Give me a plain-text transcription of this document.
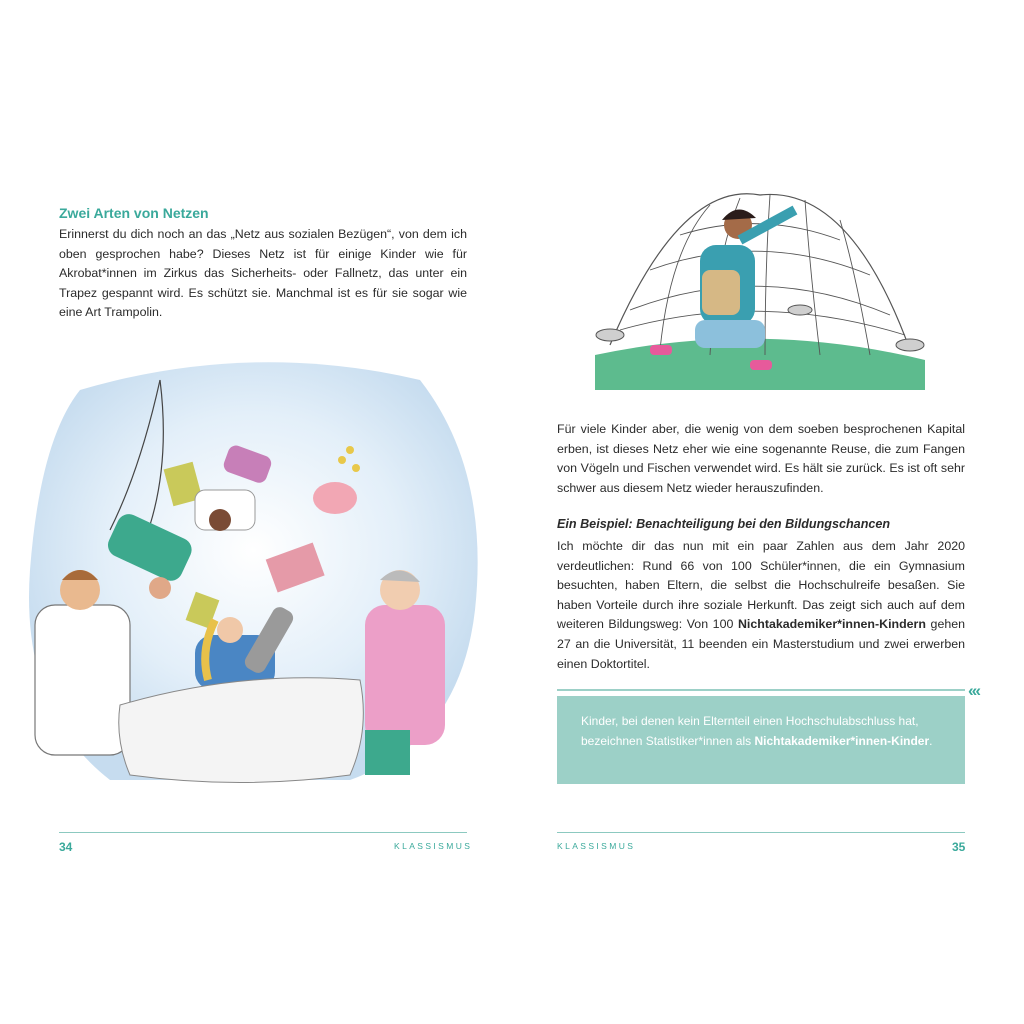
Zwei Arten von Netzen

Erinnerst du dich noch an das „Netz aus sozialen Bezügen“, von dem ich oben gesprochen habe? Dieses Netz ist für einige Kinder wie für Akrobat*innen im Zirkus das Sicherheits- oder Fallnetz, das unter ein Trapez gespannt wird. Es schützt sie. Manchmal ist es für sie sogar wie eine Art Trampolin.

34	KLASSISMUS

Für viele Kinder aber, die wenig von dem soeben besprochenen Kapital erben, ist dieses Netz eher wie eine sogenannte Reuse, die zum Fangen von Vögeln und Fischen verwendet wird. Es hält sie zurück. Es ist oft sehr schwer aus diesem Netz wieder herauszufinden.

Ein Beispiel: Benachteiligung bei den Bildungschancen

Ich möchte dir das nun mit ein paar Zahlen aus dem Jahr 2020 verdeutlichen: Rund 66 von 100 Schüler*innen, die ein Gymnasium besuchten, haben Eltern, die selbst die Hochschulreife besaßen. Sie haben Vorteile durch ihre soziale Herkunft. Das zeigt sich auch auf dem weiteren Bildungsweg: Von 100 Nichtakademiker*innen-Kindern gehen 27 an die Universität, 11 beenden ein Masterstudium und zwei erwerben einen Doktortitel.

‹‹‹
Kinder, bei denen kein Elternteil einen Hochschulabschluss hat, bezeichnen Statistiker*innen als Nichtakademiker*innen-Kinder.
KLASSISMUS	35
